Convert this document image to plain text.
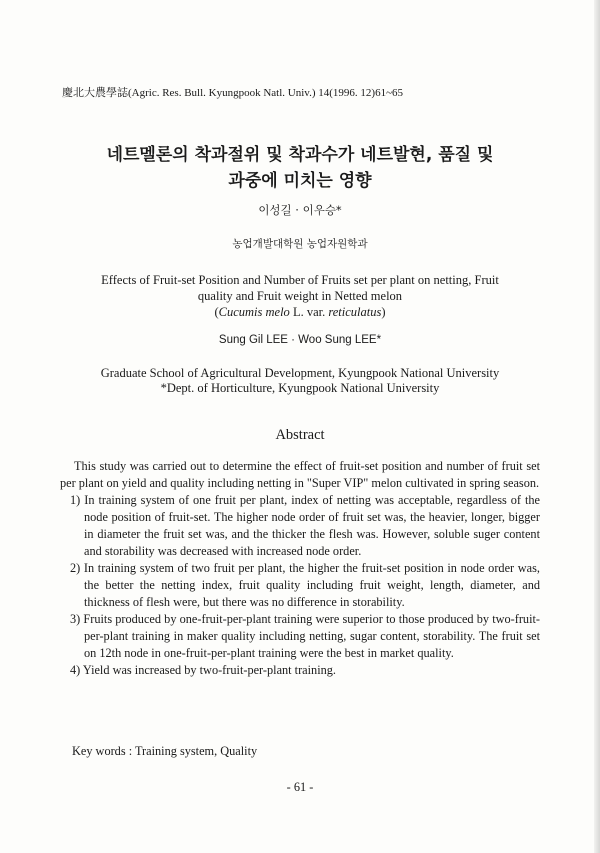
慶北大農學誌(Agric. Res. Bull. Kyungpook Natl. Univ.) 14(1996. 12)61~65
네트멜론의 착과절위 및 착과수가 네트발현, 품질 및
과중에 미치는 영향
이성길 · 이우승*
농업개발대학원 농업자원학과
Effects of Fruit-set Position and Number of Fruits set per plant on netting, Fruit
quality and Fruit weight in Netted melon
(Cucumis melo L. var. reticulatus)
Sung Gil LEE · Woo Sung LEE*
Graduate School of Agricultural Development, Kyungpook National University
*Dept. of Horticulture, Kyungpook National University
Abstract

This study was carried out to determine the effect of fruit-set position and number of fruit set per plant on yield and quality including netting in "Super VIP" melon cultivated in spring season.

1) In training system of one fruit per plant, index of netting was acceptable, regardless of the node position of fruit-set. The higher node order of fruit set was, the heavier, longer, bigger in diameter the fruit set was, and the thicker the flesh was. However, soluble suger content and storability was decreased with increased node order.
2) In training system of two fruit per plant, the higher the fruit-set position in node order was, the better the netting index, fruit quality including fruit weight, length, diameter, and thickness of flesh were, but there was no difference in storability.
3) Fruits produced by one-fruit-per-plant training were superior to those produced by two-fruit-per-plant training in maker quality including netting, sugar content, storability. The fruit set on 12th node in one-fruit-per-plant training were the best in market quality.
4) Yield was increased by two-fruit-per-plant training.
Key words : Training system, Quality
- 61 -
